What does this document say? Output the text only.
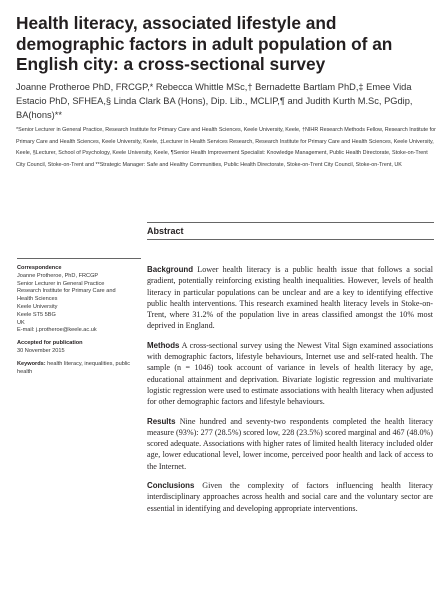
Health literacy, associated lifestyle and demographic factors in adult population of an English city: a cross-sectional survey

Joanne Protheroe PhD, FRCGP,* Rebecca Whittle MSc,† Bernadette Bartlam PhD,‡ Emee Vida Estacio PhD, SFHEA,§ Linda Clark BA (Hons), Dip. Lib., MCLIP,¶ and Judith Kurth M.Sc, PGdip, BA(hons)**

*Senior Lecturer in General Practice, Research Institute for Primary Care and Health Sciences, Keele University, Keele, †NIHR Research Methods Fellow, Research Institute for Primary Care and Health Sciences, Keele University, Keele, ‡Lecturer in Health Services Research, Research Institute for Primary Care and Health Sciences, Keele University, Keele, §Lecturer, School of Psychology, Keele University, Keele, ¶Senior Health Improvement Specialist: Knowledge Management, Public Health Directorate, Stoke-on-Trent City Council, Stoke-on-Trent and **Strategic Manager: Safe and Healthy Communities, Public Health Directorate, Stoke-on-Trent City Council, Stoke-on-Trent, UK

Abstract
Correspondence
Joanne Protheroe, PhD, FRCGP
Senior Lecturer in General Practice
Research Institute for Primary Care and
Health Sciences
Keele University
Keele ST5 5BG
UK
E-mail: j.protheroe@keele.ac.uk
Accepted for publication
30 November 2015
Keywords: health literacy, inequalities, public health

Background Lower health literacy is a public health issue that follows a social gradient, potentially reinforcing existing health inequalities. However, levels of health literacy in particular populations can be unclear and are a key to identifying effective public health interventions. This research examined health literacy levels in Stoke-on-Trent, where 31.2% of the population live in areas classified amongst the 10% most deprived in England.

Methods A cross-sectional survey using the Newest Vital Sign examined associations with demographic factors, lifestyle behaviours, Internet use and self-rated health. The sample (n = 1046) took account of variance in levels of health literacy by age, educational attainment and deprivation. Bivariate logistic regression and multivariate logistic regression were used to estimate associations with health literacy when adjusted for other demographic factors and lifestyle behaviours.

Results Nine hundred and seventy-two respondents completed the health literacy measure (93%): 277 (28.5%) scored low, 228 (23.5%) scored marginal and 467 (48.0%) scored adequate. Associations with higher rates of limited health literacy included older age, lower educational level, lower income, perceived poor health and lack of access to the Internet.

Conclusions Given the complexity of factors influencing health literacy interdisciplinary approaches across health and social care and the voluntary sector are essential in identifying and developing appropriate interventions.
